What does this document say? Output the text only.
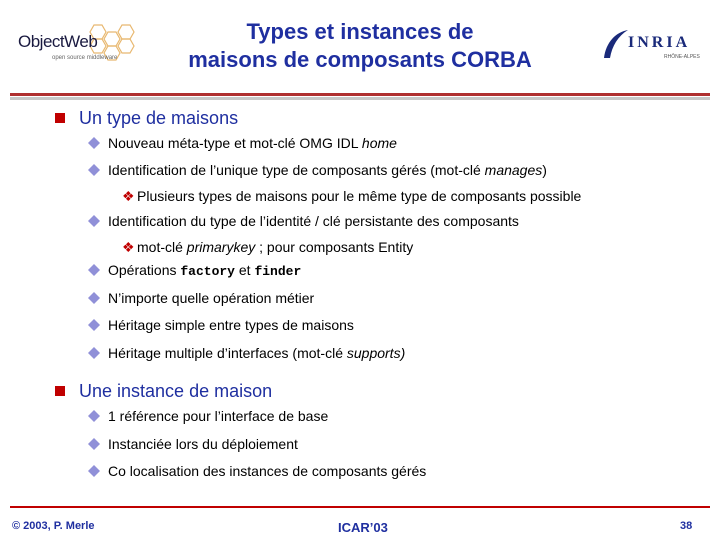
ObjectWeb
open source middleware
Types et instances de
maisons de composants CORBA
INRIA
RHÔNE-ALPES
Un type de maisons
Nouveau méta-type et mot-clé OMG IDL home
Identification de l’unique type de composants gérés (mot-clé manages)
❖ Plusieurs types de maisons pour le même type de composants possible
Identification du type de l’identité / clé persistante des composants
❖ mot-clé primarykey ; pour composants Entity
Opérations factory et finder
N’importe quelle opération métier
Héritage simple entre types de maisons
Héritage multiple d’interfaces (mot-clé supports)
Une instance de maison
1 référence pour l’interface de base
Instanciée lors du déploiement
Co localisation des instances de composants gérés
© 2003, P. Merle	ICAR’03	38
